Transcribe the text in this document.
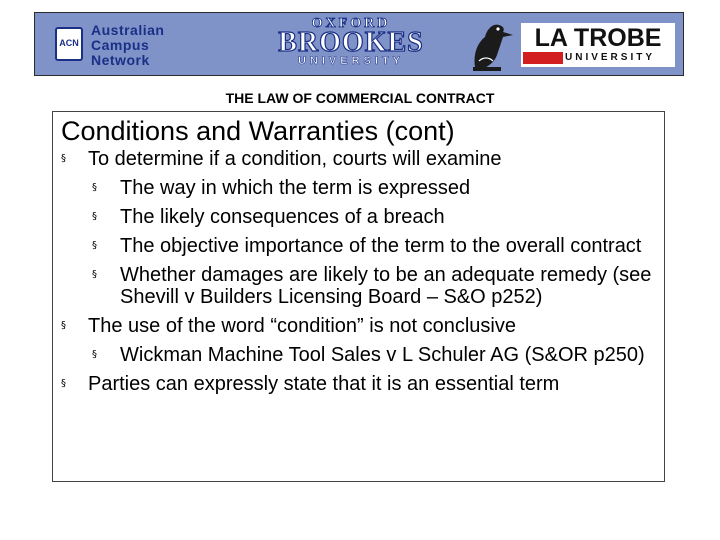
ACN
Australian
Campus
Network
OXFORD
BROOKES
UNIVERSITY
LA TROBE
UNIVERSITY
THE LAW OF COMMERCIAL CONTRACT
Conditions and Warranties (cont)

§ To determine if a condition, courts will examine

§ The way in which the term is expressed

§ The likely consequences of a breach

§ The objective importance of the term to the overall contract

§ Whether damages are likely to be an adequate remedy (see Shevill v Builders Licensing Board – S&O p252)

§ The use of the word “condition” is not conclusive

§ Wickman Machine Tool Sales v L Schuler AG (S&OR p250)

§ Parties can expressly state that it is an essential term
